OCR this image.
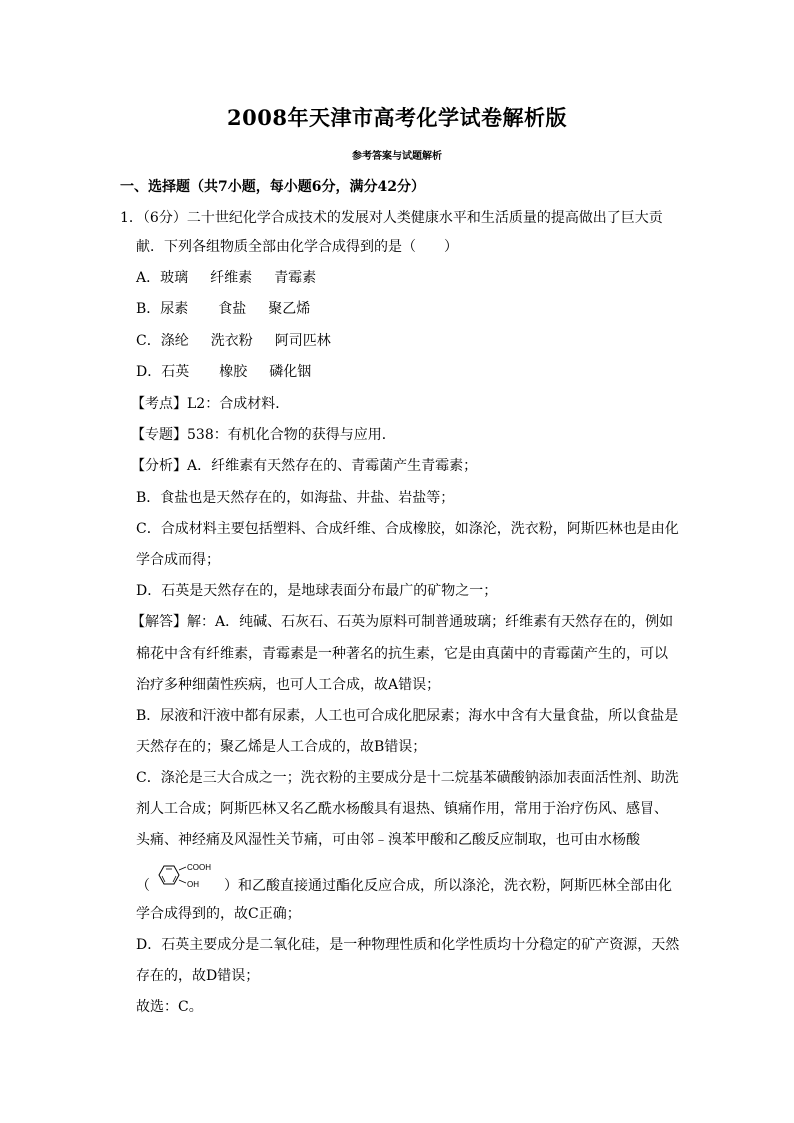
2008年天津市高考化学试卷解析版
参考答案与试题解析
一、选择题（共7小题，每小题6分，满分42分）
1．（6分）二十世纪化学合成技术的发展对人类健康水平和生活质量的提高做出了巨大贡
献．下列各组物质全部由化学合成得到的是（　　）
A．玻璃 纤维素 青霉素
B．尿素 食盐 聚乙烯
C．涤纶 洗衣粉 阿司匹林
D．石英 橡胶 磷化铟
【考点】L2：合成材料．
【专题】538：有机化合物的获得与应用．
【分析】A．纤维素有天然存在的、青霉菌产生青霉素；
B．食盐也是天然存在的，如海盐、井盐、岩盐等；
C．合成材料主要包括塑料、合成纤维、合成橡胶，如涤沦，洗衣粉，阿斯匹林也是由化
学合成而得；
D．石英是天然存在的，是地球表面分布最广的矿物之一；
【解答】解：A．纯碱、石灰石、石英为原料可制普通玻璃；纤维素有天然存在的，例如
棉花中含有纤维素，青霉素是一种著名的抗生素，它是由真菌中的青霉菌产生的，可以
治疗多种细菌性疾病，也可人工合成，故A错误；
B．尿液和汗液中都有尿素，人工也可合成化肥尿素；海水中含有大量食盐，所以食盐是
天然存在的；聚乙烯是人工合成的，故B错误；
C．涤沦是三大合成之一；洗衣粉的主要成分是十二烷基苯磺酸钠添加表面活性剂、助洗
剂人工合成；阿斯匹林又名乙酰水杨酸具有退热、镇痛作用，常用于治疗伤风、感冒、
头痛、神经痛及风湿性关节痛，可由邻﹣溴苯甲酸和乙酸反应制取，也可由水杨酸
（
COOH
OH ）和乙酸直接通过酯化反应合成，所以涤沦，洗衣粉，阿斯匹林全部由化
学合成得到的，故C正确；
D．石英主要成分是二氧化硅，是一种物理性质和化学性质均十分稳定的矿产资源，天然
存在的，故D错误；
故选：C。
